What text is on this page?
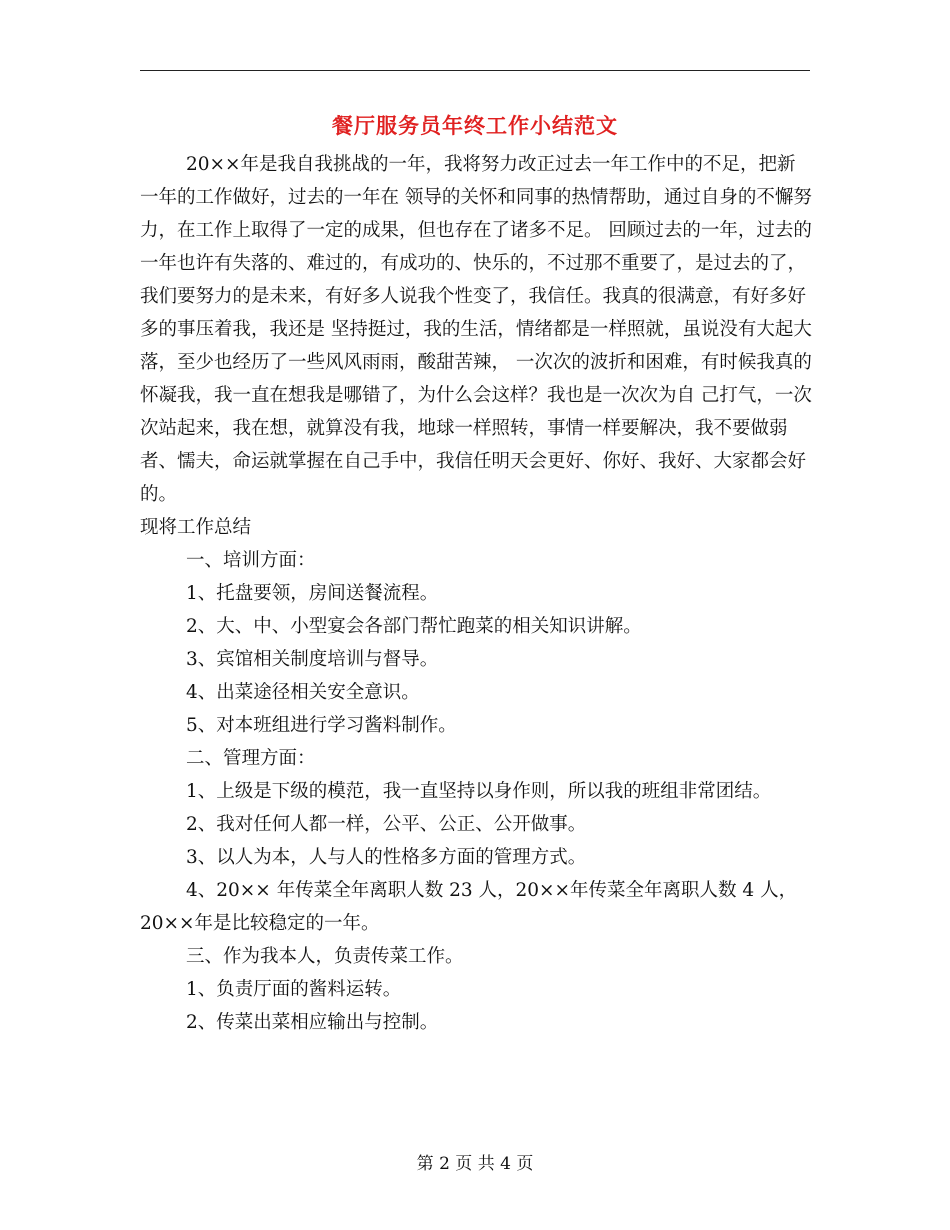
餐厅服务员年终工作小结范文

20××年是我自我挑战的一年，我将努力改正过去一年工作中的不足，把新一年的工作做好，过去的一年在 领导的关怀和同事的热情帮助，通过自身的不懈努力，在工作上取得了一定的成果，但也存在了诸多不足。 回顾过去的一年，过去的一年也许有失落的、难过的，有成功的、快乐的，不过那不重要了，是过去的了， 我们要努力的是未来，有好多人说我个性变了，我信任。我真的很满意，有好多好多的事压着我，我还是 坚持挺过，我的生活，情绪都是一样照就，虽说没有大起大落，至少也经历了一些风风雨雨，酸甜苦辣， 一次次的波折和困难，有时候我真的怀凝我，我一直在想我是哪错了，为什么会这样？我也是一次次为自 己打气，一次次站起来，我在想，就算没有我，地球一样照转，事情一样要解决，我不要做弱者、懦夫，命运就掌握在自己手中，我信任明天会更好、你好、我好、大家都会好的。

现将工作总结

一、培训方面：

1、托盘要领，房间送餐流程。

2、大、中、小型宴会各部门帮忙跑菜的相关知识讲解。

3、宾馆相关制度培训与督导。

4、出菜途径相关安全意识。

5、对本班组进行学习酱料制作。

二、管理方面：

1、上级是下级的模范，我一直坚持以身作则，所以我的班组非常团结。

2、我对任何人都一样，公平、公正、公开做事。

3、以人为本，人与人的性格多方面的管理方式。

4、20×× 年传菜全年离职人数 23 人，20××年传菜全年离职人数 4 人， 20××年是比较稳定的一年。

三、作为我本人，负责传菜工作。

1、负责厅面的酱料运转。

2、传菜出菜相应输出与控制。

第 2 页 共 4 页
